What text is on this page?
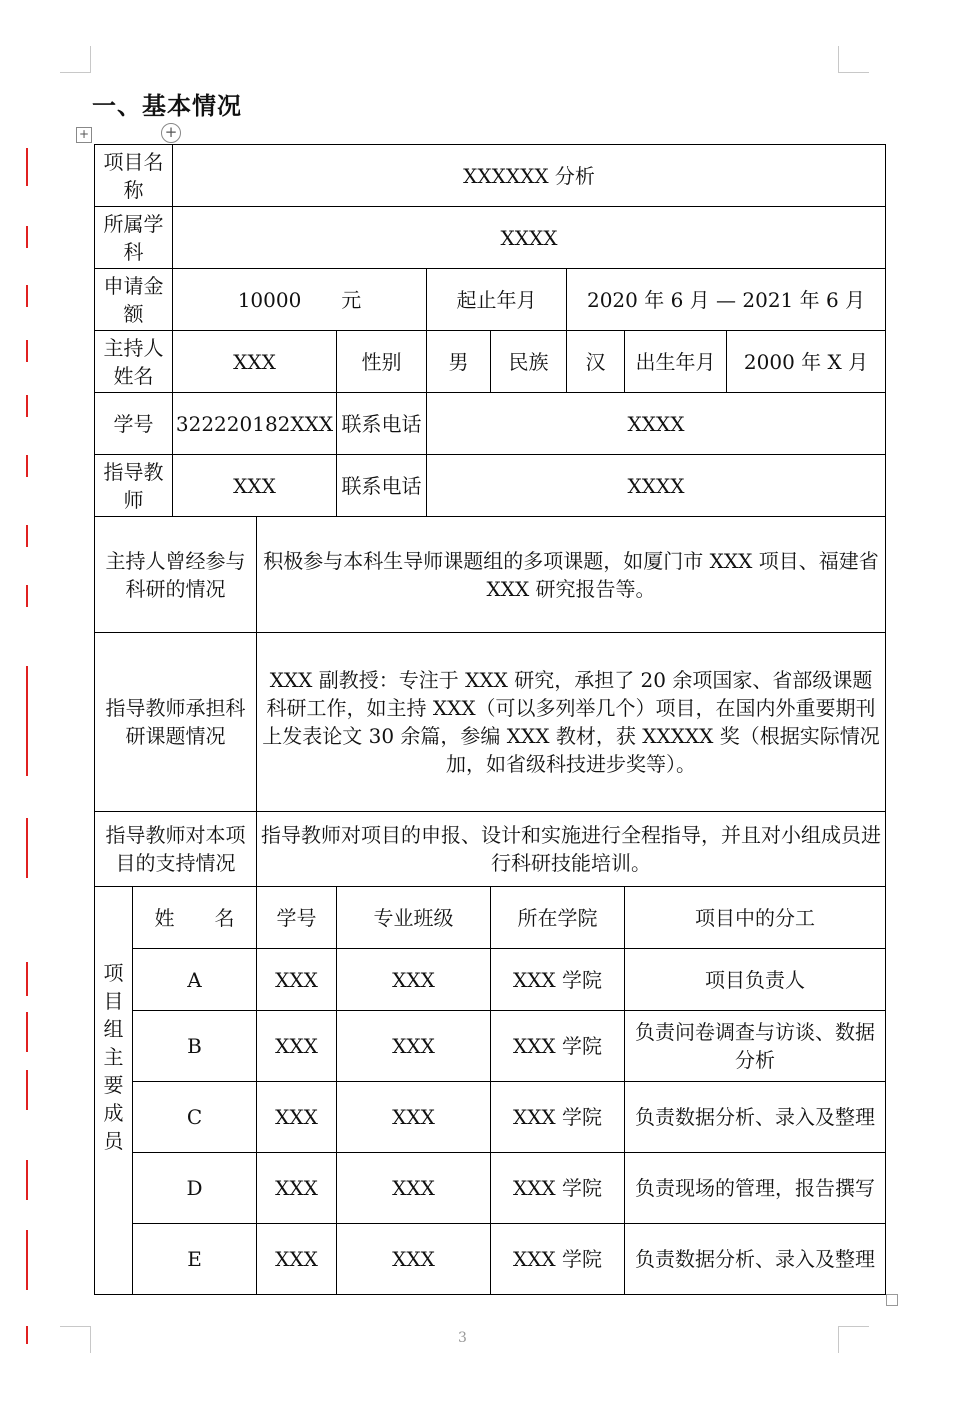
一、基本情况
+	+
项目名称		XXXXXX 分析							
所属学科		XXXX							
申请金额		10000　　元			起止年月		2020 年 6 月 — 2021 年 6 月		
主持人姓名		XXX		性别	男	民族	汉	出生年月	2000 年 X 月
学号		322220182XXX		联系电话	XXXX				
指导教师		XXX		联系电话	XXXX				
主持人曾经参与科研的情况			积极参与本科生导师课题组的多项课题，如厦门市 XXX 项目、福建省 XXX 研究报告等。						
指导教师承担科研课题情况			XXX 副教授：专注于 XXX 研究，承担了 20 余项国家、省部级课题科研工作，如主持 XXX（可以多列举几个）项目，在国内外重要期刊上发表论文 30 余篇，参编 XXX 教材，获 XXXXX 奖（根据实际情况加，如省级科技进步奖等）。						
指导教师对本项目的支持情况			指导教师对项目的申报、设计和实施进行全程指导，并且对小组成员进行科研技能培训。						
项目组主要成员	姓　　名		学号	专业班级		所在学院		项目中的分工	
	A		XXX	XXX		XXX 学院		项目负责人	
	B		XXX	XXX		XXX 学院		负责问卷调查与访谈、数据分析	
	C		XXX	XXX		XXX 学院		负责数据分析、录入及整理	
	D		XXX	XXX		XXX 学院		负责现场的管理，报告撰写	
	E		XXX	XXX		XXX 学院		负责数据分析、录入及整理	
3
